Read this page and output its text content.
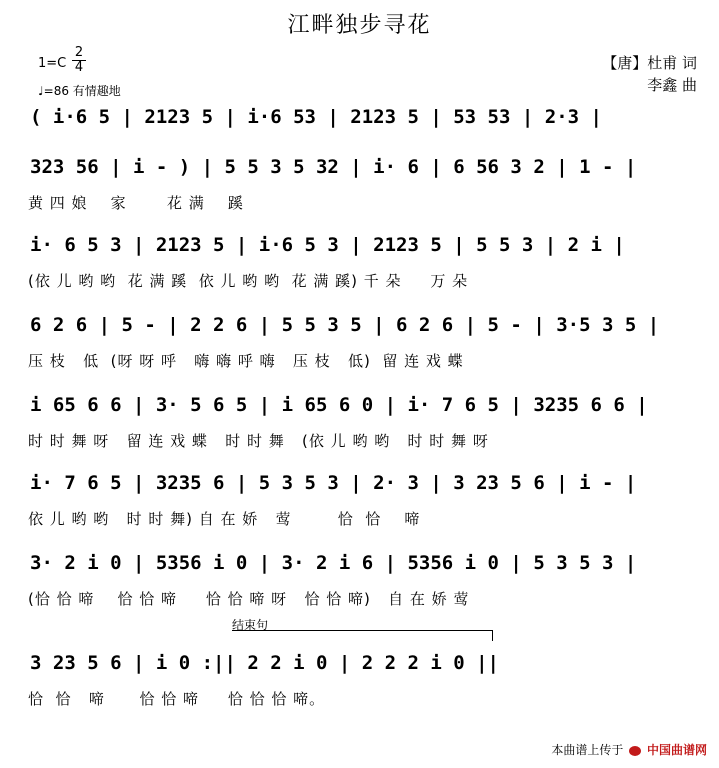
江畔独步寻花
$1=C \frac{2}{4}$
♩=86 有情趣地
【唐】杜甫 词
李鑫 曲
( i·6 5 | 2123 5 | i·6 53 | 2123 5 | 53 53 | 2·3 |
323 56 | i - ) | 5 5 3 5 32 | i· 6 | 6 56 3 2 | 1 - |
黄 四 娘    家       花 满    蹊
i· 6 5 3 | 2123 5 | i·6 5 3 | 2123 5 | 5 5 3 | 2 i |
(依 儿 哟 哟  花 满 蹊  依 儿 哟 哟  花 满 蹊) 千 朵     万 朵
6 2 6 | 5 - | 2 2 6 | 5 5 3 5 | 6 2 6 | 5 - | 3·5 3 5 |
压 枝   低  (呀 呀 呼   嗨 嗨 呼 嗨   压 枝   低)  留 连 戏 蝶
i 65 6 6 | 3· 5 6 5 | i 65 6 0 | i· 7 6 5 | 3235 6 6 |
时 时 舞 呀   留 连 戏 蝶   时 时 舞   (依 儿 哟 哟   时 时 舞 呀
i· 7 6 5 | 3235 6 | 5 3 5 3 | 2· 3 | 3 23 5 6 | i - |
依 儿 哟 哟   时 时 舞) 自 在 娇   莺        恰  恰    啼
3· 2 i 0 | 5356 i 0 | 3· 2 i 6 | 5356 i 0 | 5 3 5 3 |
(恰 恰 啼    恰 恰 啼     恰 恰 啼 呀   恰 恰 啼)   自 在 娇 莺
结束句
3 23 5 6 | i 0 :|| 2 2 i 0 | 2 2 2 i 0 ||
恰  恰   啼      恰 恰 啼     恰 恰 恰 啼。
本曲谱上传于 中国曲谱网
